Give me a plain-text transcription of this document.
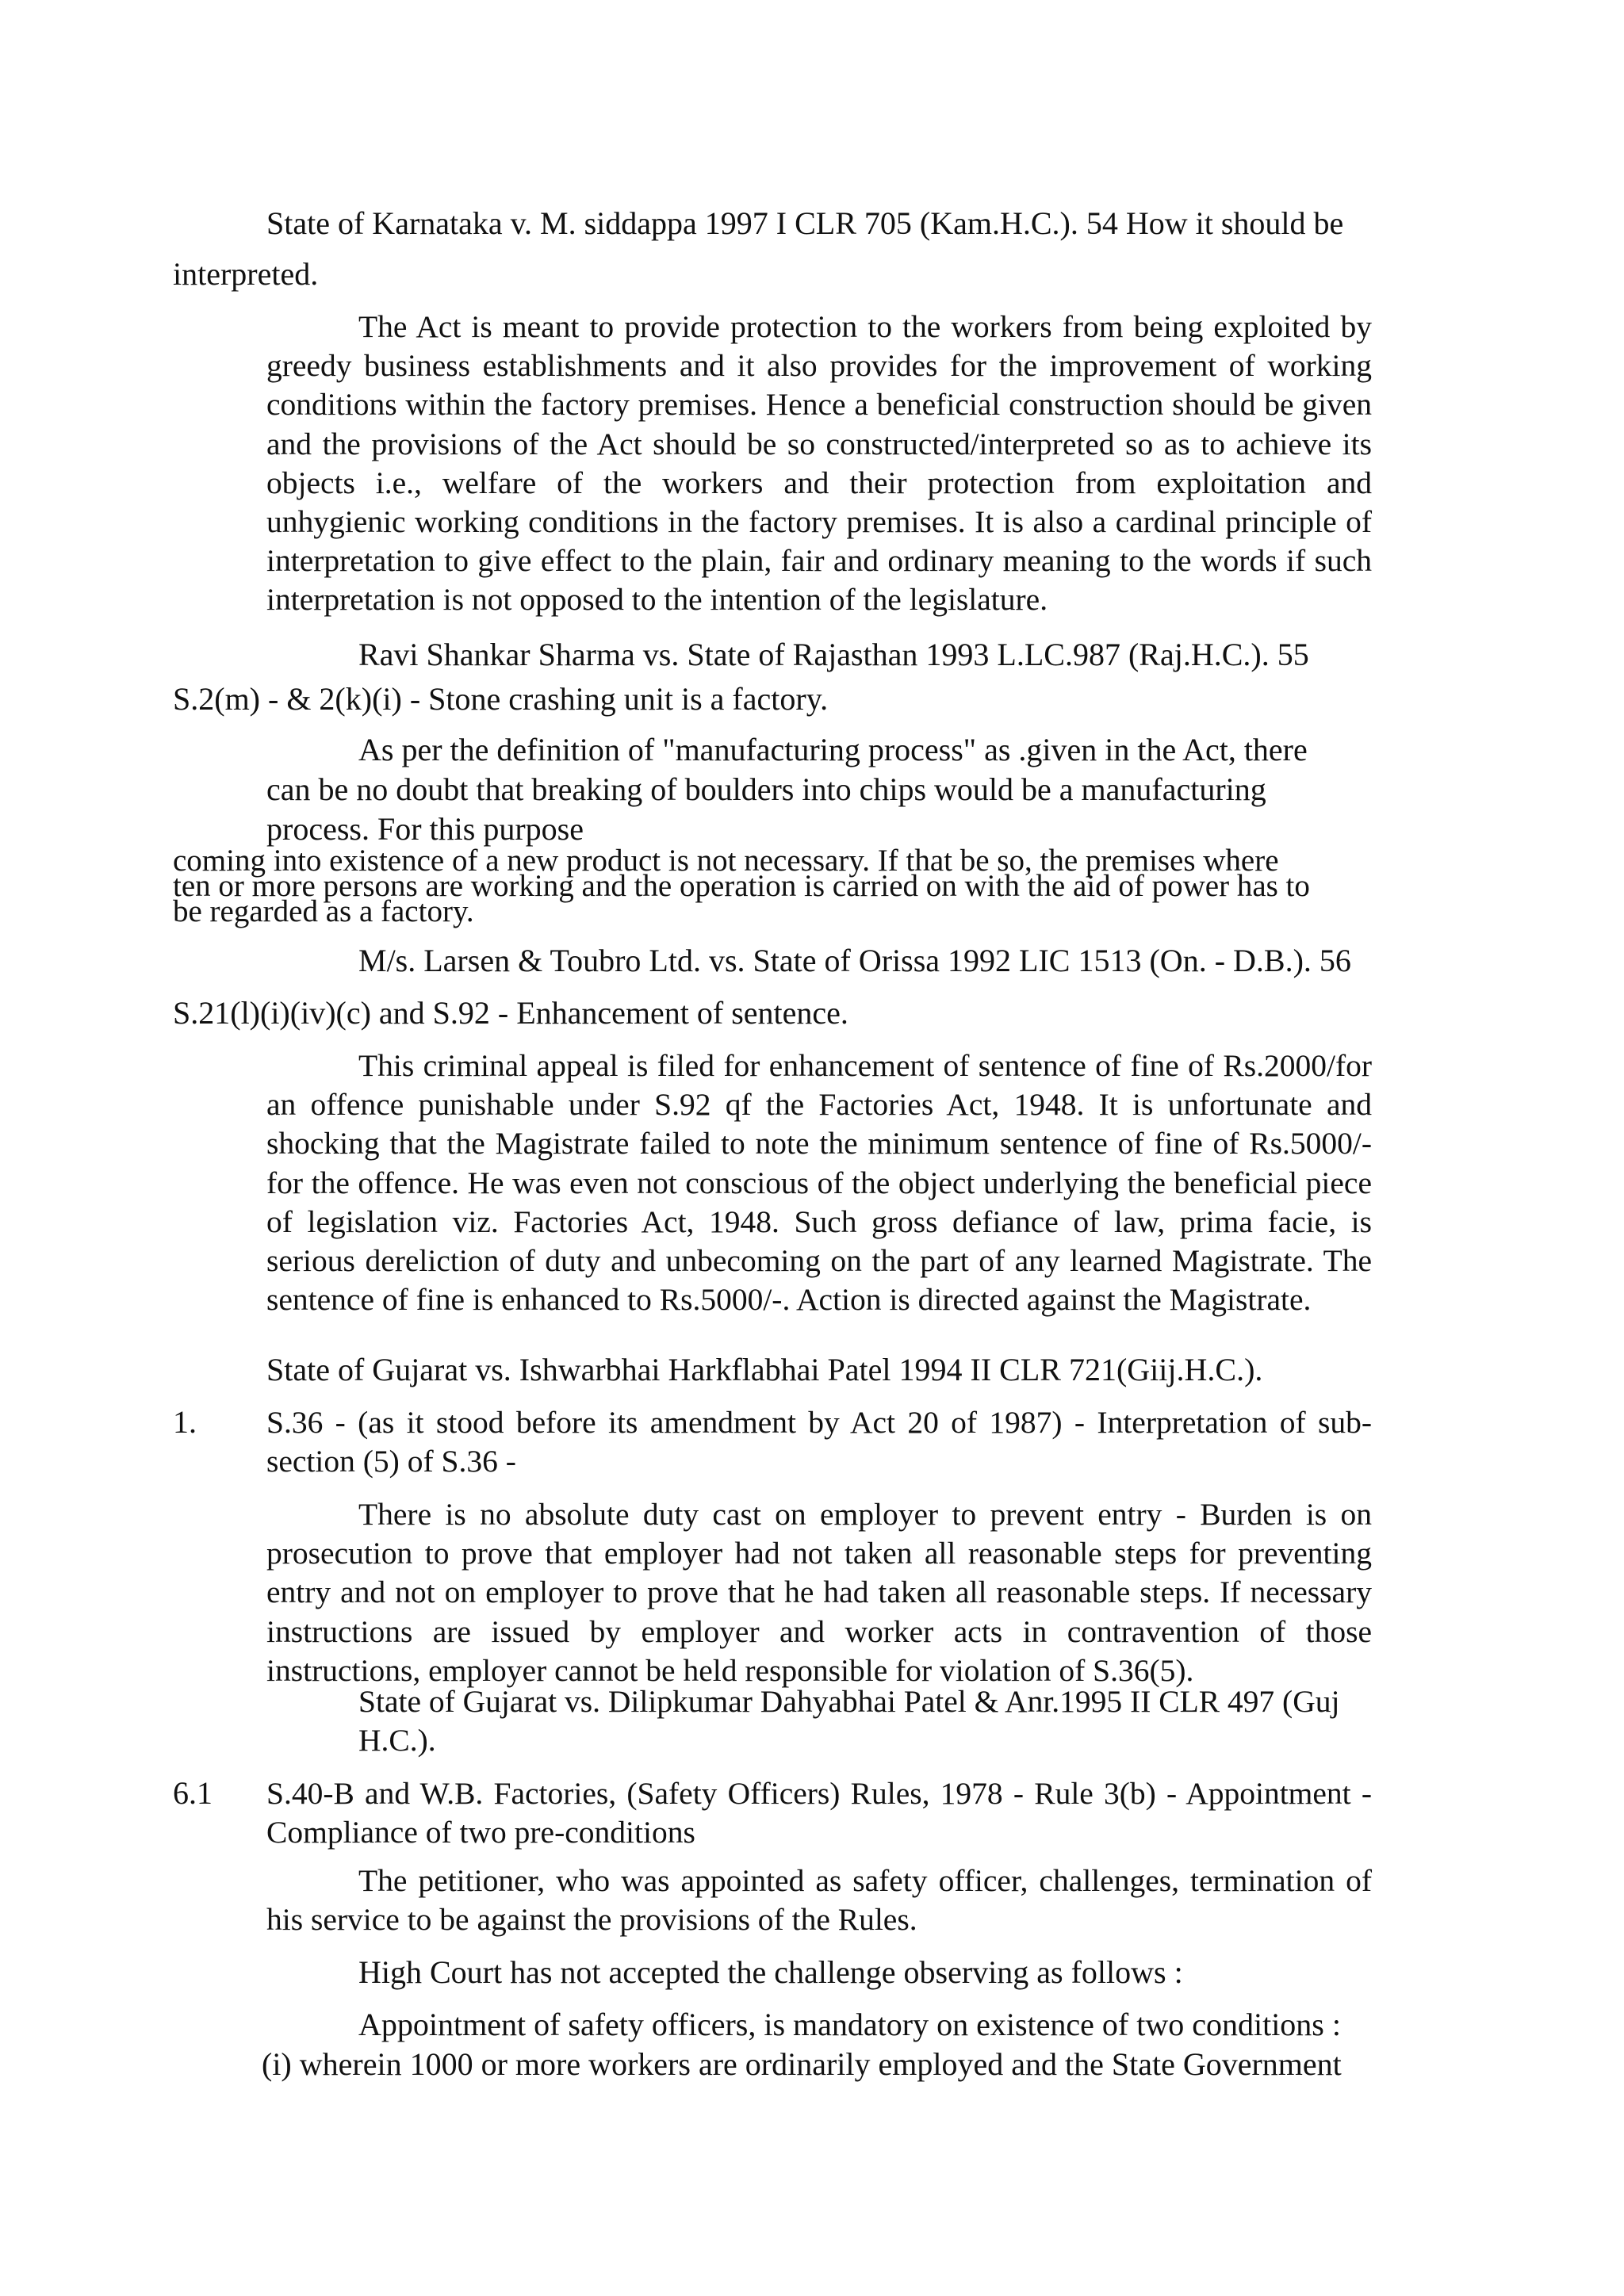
State of Karnataka v. M. siddappa 1997 I CLR 705 (Kam.H.C.). 54 How it should be
interpreted.

The Act is meant to provide protection to the workers from being exploited by greedy business establishments and it also provides for the improvement of working conditions within the factory premises. Hence a beneficial construction should be given and the provisions of the Act should be so constructed/interpreted so as to achieve its objects i.e., welfare of the workers and their protection from exploitation and unhygienic working conditions in the factory premises. It is also a cardinal principle of interpretation to give effect to the plain, fair and ordinary meaning to the words if such interpretation is not opposed to the intention of the legislature.

Ravi Shankar Sharma vs. State of Rajasthan 1993 L.LC.987 (Raj.H.C.). 55
S.2(m) - & 2(k)(i) - Stone crashing unit is a factory.
As per the definition of "manufacturing process" as .given in the Act, there
can be no doubt that breaking of boulders into chips would be a manufacturing
process. For this purpose
coming into existence of a new product is not necessary. If that be so, the premises where
ten or more persons are working and the operation is carried on with the aid of power has to
be regarded as a factory.
M/s. Larsen & Toubro Ltd. vs. State of Orissa 1992 LIC 1513 (On. - D.B.). 56
S.21(l)(i)(iv)(c) and S.92 - Enhancement of sentence.

This criminal appeal is filed for enhancement of sentence of fine of Rs.2000/for an offence punishable under S.92 qf the Factories Act, 1948. It is unfortunate and shocking that the Magistrate failed to note the minimum sentence of fine of Rs.5000/- for the offence. He was even not conscious of the object underlying the beneficial piece of legislation viz. Factories Act, 1948. Such gross defiance of law, prima facie, is serious dereliction of duty and unbecoming on the part of any learned Magistrate. The sentence of fine is enhanced to Rs.5000/-. Action is directed against the Magistrate.

State of Gujarat vs. Ishwarbhai Harkflabhai Patel 1994 II CLR 721(Giij.H.C.).
1. S.36 - (as it stood before its amendment by Act 20 of 1987) - Interpretation of sub-section (5) of S.36 -

There is no absolute duty cast on employer to prevent entry - Burden is on prosecution to prove that employer had not taken all reasonable steps for preventing entry and not on employer to prove that he had taken all reasonable steps. If necessary instructions are issued by employer and worker acts in contravention of those instructions, employer cannot be held responsible for violation of S.36(5).

State of Gujarat vs. Dilipkumar Dahyabhai Patel & Anr.1995 II CLR 497 (Guj H.C.).

6.1 S.40-B and W.B. Factories, (Safety Officers) Rules, 1978 - Rule 3(b) - Appointment - Compliance of two pre-conditions

The petitioner, who was appointed as safety officer, challenges, termination of his service to be against the provisions of the Rules.

High Court has not accepted the challenge observing as follows :
Appointment of safety officers, is mandatory on existence of two conditions :
(i) wherein 1000 or more workers are ordinarily employed and the State Government
